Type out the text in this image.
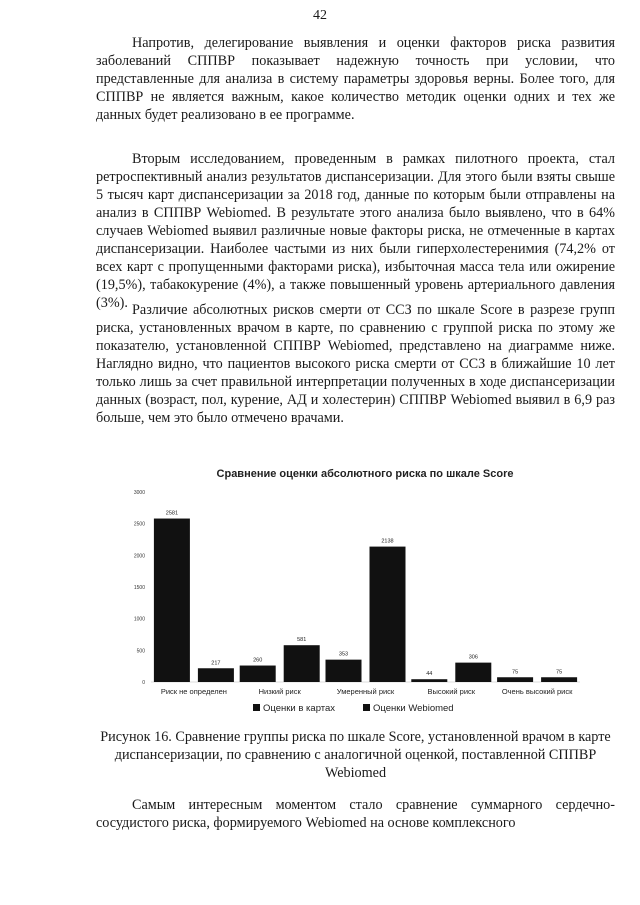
42

Напротив, делегирование выявления и оценки факторов риска развития заболеваний СППВР показывает надежную точность при условии, что представленные для анализа в систему параметры здоровья верны. Более того, для СППВР не является важным, какое количество методик оценки одних и тех же данных будет реализовано в ее программе.

Вторым исследованием, проведенным в рамках пилотного проекта, стал ретроспективный анализ результатов диспансеризации. Для этого были взяты свыше 5 тысяч карт диспансеризации за 2018 год, данные по которым были отправлены на анализ в СППВР Webiomed. В результате этого анализа было выявлено, что в 64% случаев Webiomed выявил различные новые факторы риска, не отмеченные в картах диспансеризации. Наиболее частыми из них были гиперхолестеренимия (74,2% от всех карт с пропущенными факторами риска), избыточная масса тела или ожирение (19,5%), табакокурение (4%), а также повышенный уровень артериального давления (3%). Различие абсолютных рисков смерти от ССЗ по шкале Score в разрезе групп риска, установленных врачом в карте, по сравнению с группой риска по этому же показателю, установленной СППВР Webiomed, представлено на диаграмме ниже. Наглядно видно, что пациентов высокого риска смерти от ССЗ в ближайшие 10 лет только лишь за счет правильной интерпретации полученных в ходе диспансеризации данных (возраст, пол, курение, АД и холестерин) СППВР Webiomed выявил в 6,9 раз больше, чем это было отмечено врачами.

Сравнение оценки абсолютного риска по шкале Score
0
500
1000
1500
2000
2500
3000
2581
217	260
581
353
2138
44
306
75	75
Риск не определен	Низкий риск	Умеренный риск	Высокий риск	Очень высокий риск
Оценки в картах	Оценки Webiomed

Рисунок 16. Сравнение группы риска по шкале Score, установленной врачом в карте диспансеризации, по сравнению с аналогичной оценкой, поставленной СППВР Webiomed

Самым интересным моментом стало сравнение суммарного сердечно-сосудистого риска, формируемого Webiomed на основе комплексного
